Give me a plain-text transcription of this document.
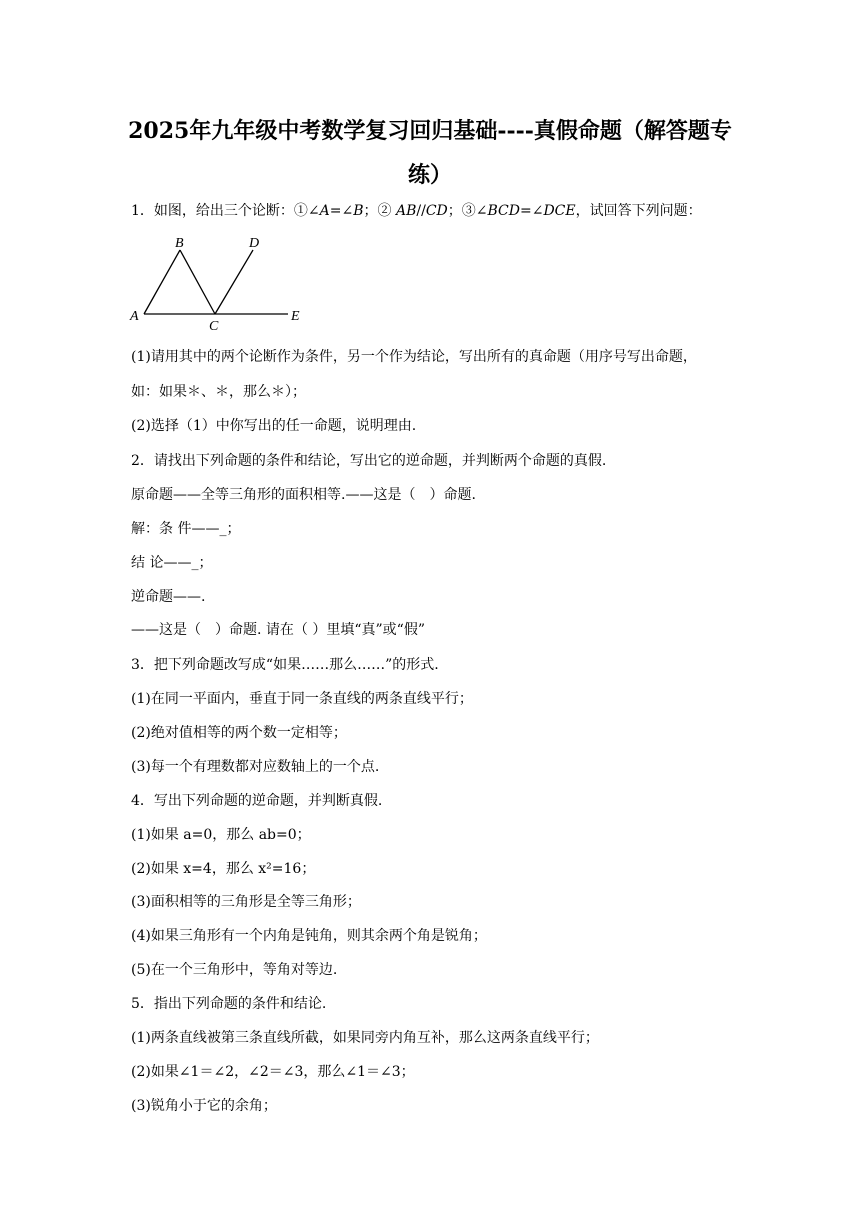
2025年九年级中考数学复习回归基础----真假命题（解答题专
练）

1．如图，给出三个论断：①∠A=∠B；② AB//CD；③∠BCD=∠DCE，试回答下列问题：

A
B
C
D
E

(1)请用其中的两个论断作为条件，另一个作为结论，写出所有的真命题（用序号写出命题，

如：如果＊、＊，那么＊）；

(2)选择（1）中你写出的任一命题，说明理由.

2．请找出下列命题的条件和结论，写出它的逆命题，并判断两个命题的真假.

原命题——全等三角形的面积相等.——这是（　）命题.

解：条 件——_；

结 论——_；

逆命题——.

——这是（　）命题. 请在（ ）里填“真”或“假”

3．把下列命题改写成“如果……那么……”的形式.

(1)在同一平面内，垂直于同一条直线的两条直线平行；

(2)绝对值相等的两个数一定相等；

(3)每一个有理数都对应数轴上的一个点.

4．写出下列命题的逆命题，并判断真假.

(1)如果 a=0，那么 ab=0；

(2)如果 x=4，那么 x²=16；

(3)面积相等的三角形是全等三角形；

(4)如果三角形有一个内角是钝角，则其余两个角是锐角；

(5)在一个三角形中，等角对等边.

5．指出下列命题的条件和结论.

(1)两条直线被第三条直线所截，如果同旁内角互补，那么这两条直线平行；

(2)如果∠1＝∠2，∠2＝∠3，那么∠1＝∠3；

(3)锐角小于它的余角；
